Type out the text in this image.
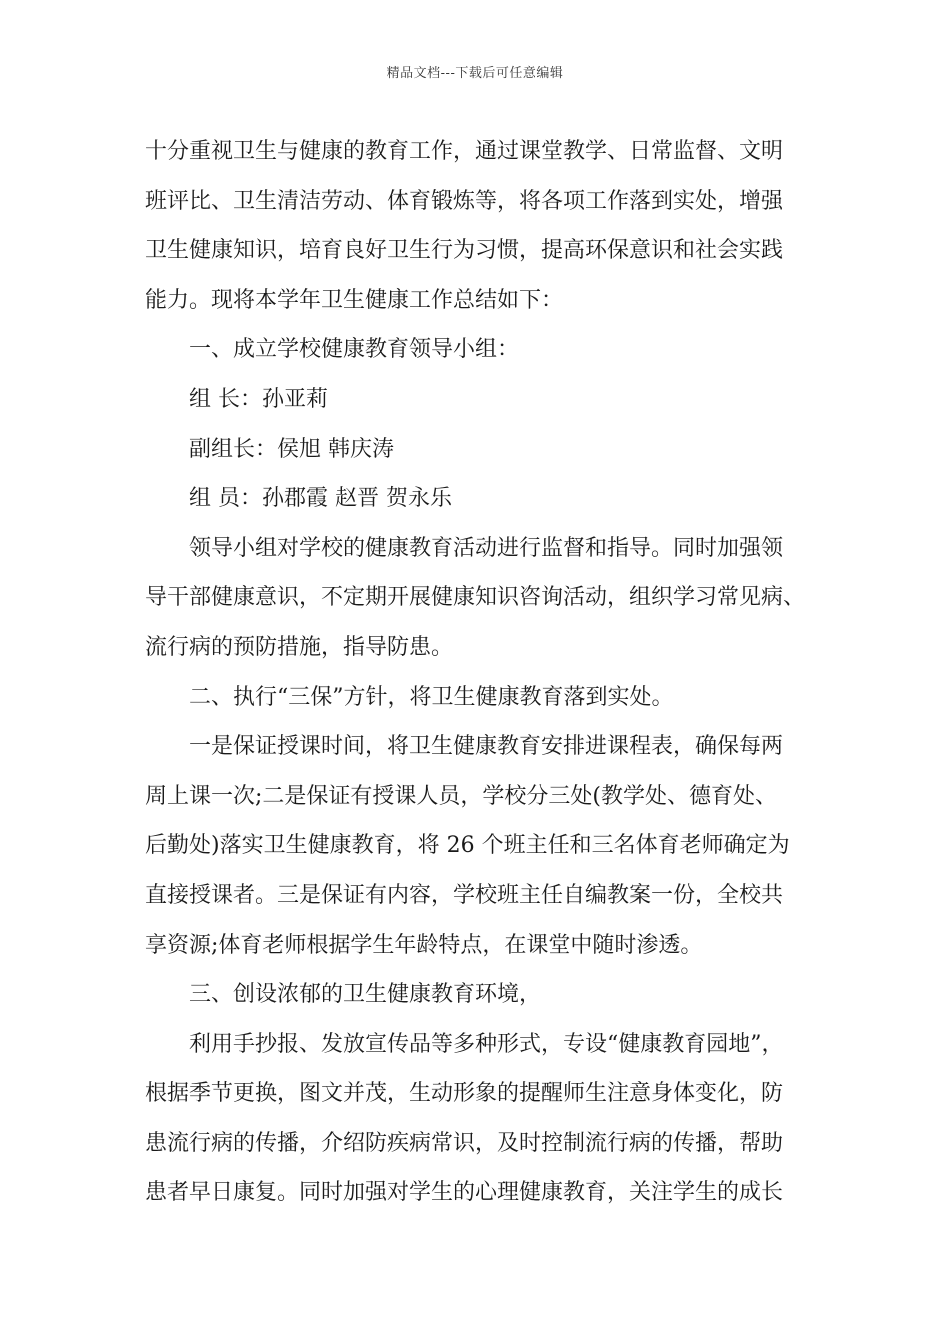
精品文档---下载后可任意编辑
十分重视卫生与健康的教育工作，通过课堂教学、日常监督、文明
班评比、卫生清洁劳动、体育锻炼等，将各项工作落到实处，增强
卫生健康知识，培育良好卫生行为习惯，提高环保意识和社会实践
能力。现将本学年卫生健康工作总结如下：
一、成立学校健康教育领导小组：
组 长：孙亚莉
副组长：侯旭 韩庆涛
组 员：孙郡霞 赵晋 贺永乐
领导小组对学校的健康教育活动进行监督和指导。同时加强领
导干部健康意识，不定期开展健康知识咨询活动，组织学习常见病、
流行病的预防措施，指导防患。
二、执行“三保”方针，将卫生健康教育落到实处。
一是保证授课时间，将卫生健康教育安排进课程表，确保每两
周上课一次;二是保证有授课人员，学校分三处(教学处、德育处、
后勤处)落实卫生健康教育，将 26 个班主任和三名体育老师确定为
直接授课者。三是保证有内容，学校班主任自编教案一份，全校共
享资源;体育老师根据学生年龄特点，在课堂中随时渗透。
三、创设浓郁的卫生健康教育环境，
利用手抄报、发放宣传品等多种形式，专设“健康教育园地”，
根据季节更换，图文并茂，生动形象的提醒师生注意身体变化，防
患流行病的传播，介绍防疾病常识，及时控制流行病的传播，帮助
患者早日康复。同时加强对学生的心理健康教育，关注学生的成长
